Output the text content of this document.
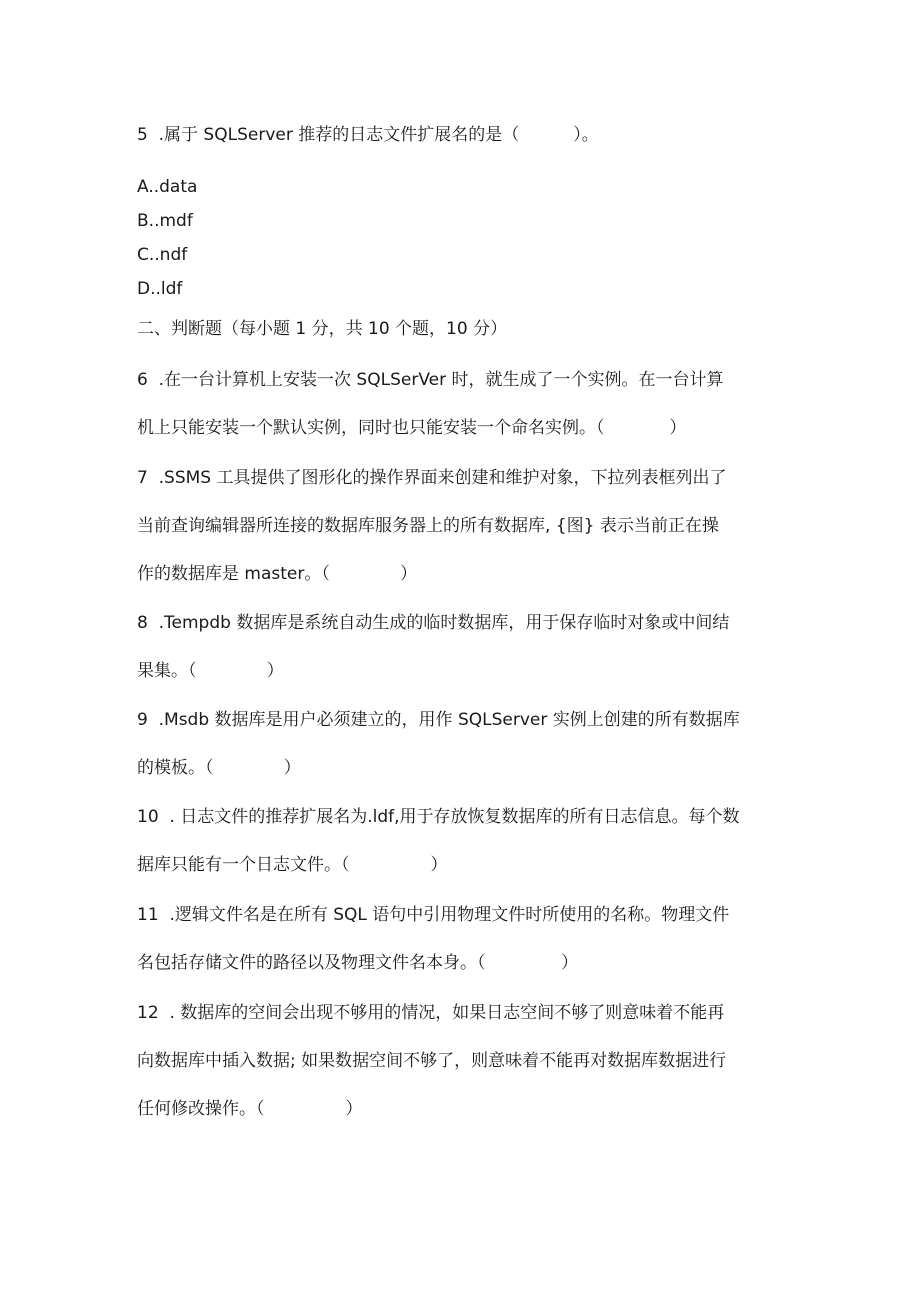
5  .属于 SQLServer 推荐的日志文件扩展名的是（          ）。
A..data
B..mdf
C..ndf
D..ldf
二、判断题（每小题 1 分，共 10 个题，10 分）
6  .在一台计算机上安装一次 SQLSerVer 时，就生成了一个实例。在一台计算
机上只能安装一个默认实例，同时也只能安装一个命名实例。（            ）
7  .SSMS 工具提供了图形化的操作界面来创建和维护对象，下拉列表框列出了
当前查询编辑器所连接的数据库服务器上的所有数据库, {图} 表示当前正在操
作的数据库是 master。（             ）
8  .Tempdb 数据库是系统自动生成的临时数据库，用于保存临时对象或中间结
果集。（             ）
9  .Msdb 数据库是用户必须建立的，用作 SQLServer 实例上创建的所有数据库
的模板。（             ）
10  . 日志文件的推荐扩展名为.ldf,用于存放恢复数据库的所有日志信息。每个数
据库只能有一个日志文件。（               ）
11  .逻辑文件名是在所有 SQL 语句中引用物理文件时所使用的名称。物理文件
名包括存储文件的路径以及物理文件名本身。（              ）
12  . 数据库的空间会出现不够用的情况，如果日志空间不够了则意味着不能再
向数据库中插入数据; 如果数据空间不够了，则意味着不能再对数据库数据进行
任何修改操作。（               ）
